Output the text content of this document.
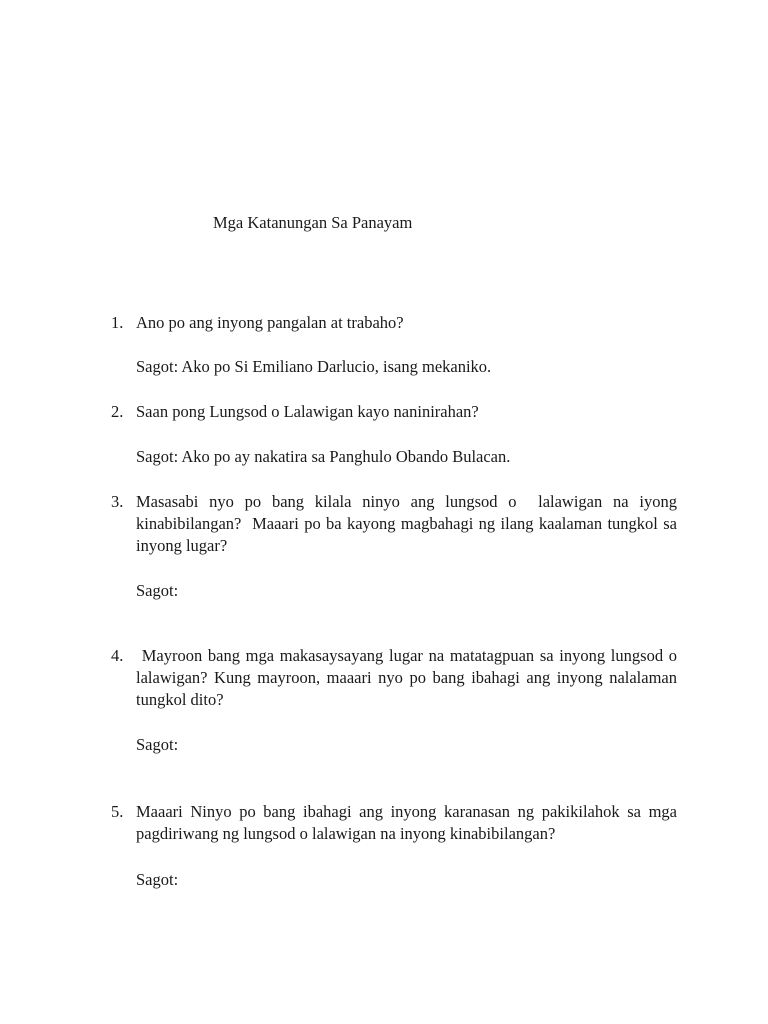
Mga Katanungan Sa Panayam
1. Ano po ang inyong pangalan at trabaho?
Sagot: Ako po Si Emiliano Darlucio, isang mekaniko.
2. Saan pong Lungsod o Lalawigan kayo naninirahan?
Sagot: Ako po ay nakatira sa Panghulo Obando Bulacan.
3. Masasabi nyo po bang kilala ninyo ang lungsod o  lalawigan na iyong kinabibilangan?  Maaari po ba kayong magbahagi ng ilang kaalaman tungkol sa inyong lugar?
Sagot:
4. Mayroon bang mga makasaysayang lugar na matatagpuan sa inyong lungsod o lalawigan? Kung mayroon, maaari nyo po bang ibahagi ang inyong nalalaman tungkol dito?
Sagot:
5. Maaari Ninyo po bang ibahagi ang inyong karanasan ng pakikilahok sa mga pagdiriwang ng lungsod o lalawigan na inyong kinabibilangan?
Sagot:
